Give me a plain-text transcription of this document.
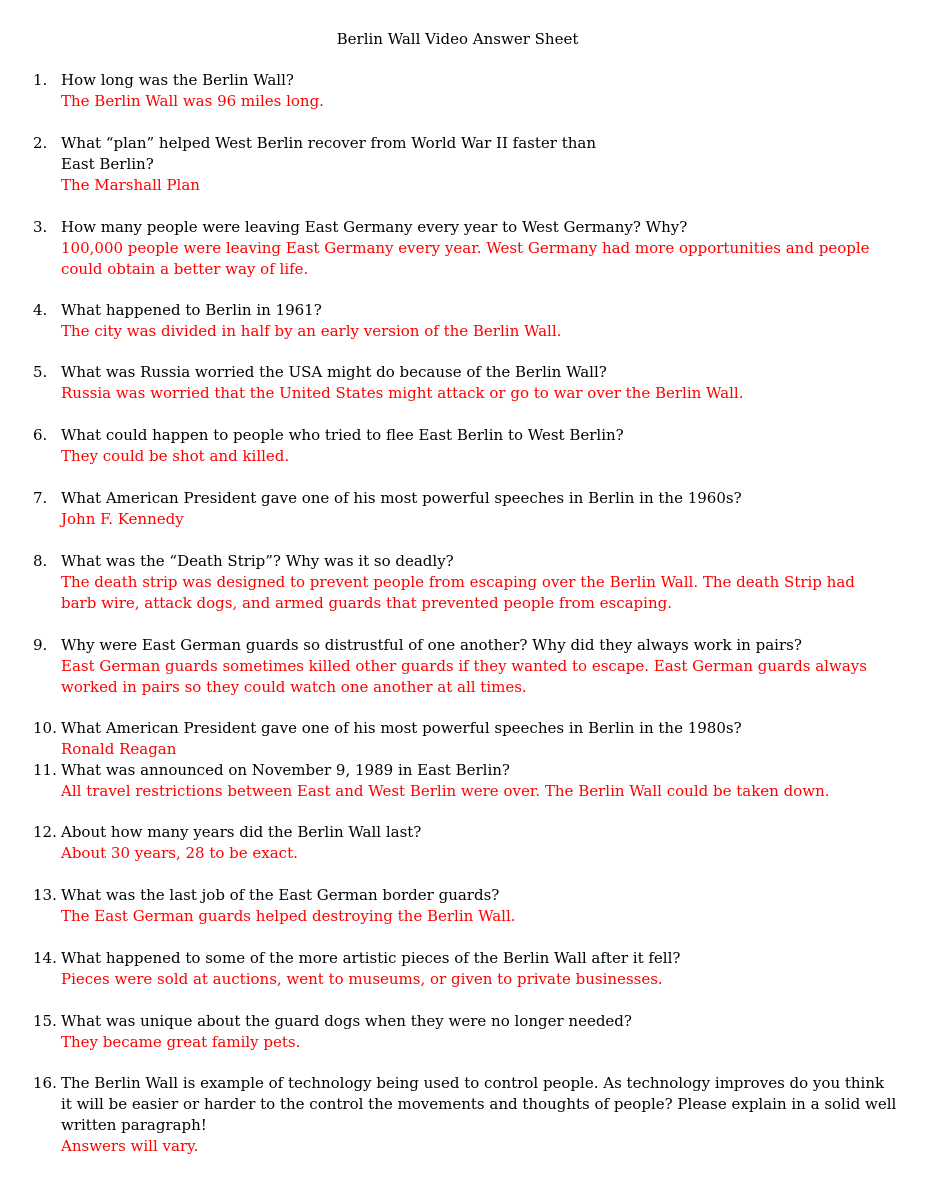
Berlin Wall Video Answer Sheet
1. How long was the Berlin Wall?
The Berlin Wall was 96 miles long.
2. What “plan” helped West Berlin recover from World War II faster than
East Berlin?
The Marshall Plan
3. How many people were leaving East Germany every year to West Germany? Why?
100,000 people were leaving East Germany every year. West Germany had more opportunities and people
could obtain a better way of life.
4. What happened to Berlin in 1961?
The city was divided in half by an early version of the Berlin Wall.
5. What was Russia worried the USA might do because of the Berlin Wall?
Russia was worried that the United States might attack or go to war over the Berlin Wall.
6. What could happen to people who tried to flee East Berlin to West Berlin?
They could be shot and killed.
7. What American President gave one of his most powerful speeches in Berlin in the 1960s?
John F. Kennedy
8. What was the “Death Strip”? Why was it so deadly?
The death strip was designed to prevent people from escaping over the Berlin Wall. The death Strip had
barb wire, attack dogs, and armed guards that prevented people from escaping.
9. Why were East German guards so distrustful of one another? Why did they always work in pairs?
East German guards sometimes killed other guards if they wanted to escape. East German guards always
worked in pairs so they could watch one another at all times.
10. What American President gave one of his most powerful speeches in Berlin in the 1980s?
Ronald Reagan
11. What was announced on November 9, 1989 in East Berlin?
All travel restrictions between East and West Berlin were over. The Berlin Wall could be taken down.
12. About how many years did the Berlin Wall last?
About 30 years, 28 to be exact.
13. What was the last job of the East German border guards?
The East German guards helped destroying the Berlin Wall.
14. What happened to some of the more artistic pieces of the Berlin Wall after it fell?
Pieces were sold at auctions, went to museums, or given to private businesses.
15. What was unique about the guard dogs when they were no longer needed?
They became great family pets.
16. The Berlin Wall is example of technology being used to control people. As technology improves do you think
it will be easier or harder to the control the movements and thoughts of people? Please explain in a solid well
written paragraph!
Answers will vary.
